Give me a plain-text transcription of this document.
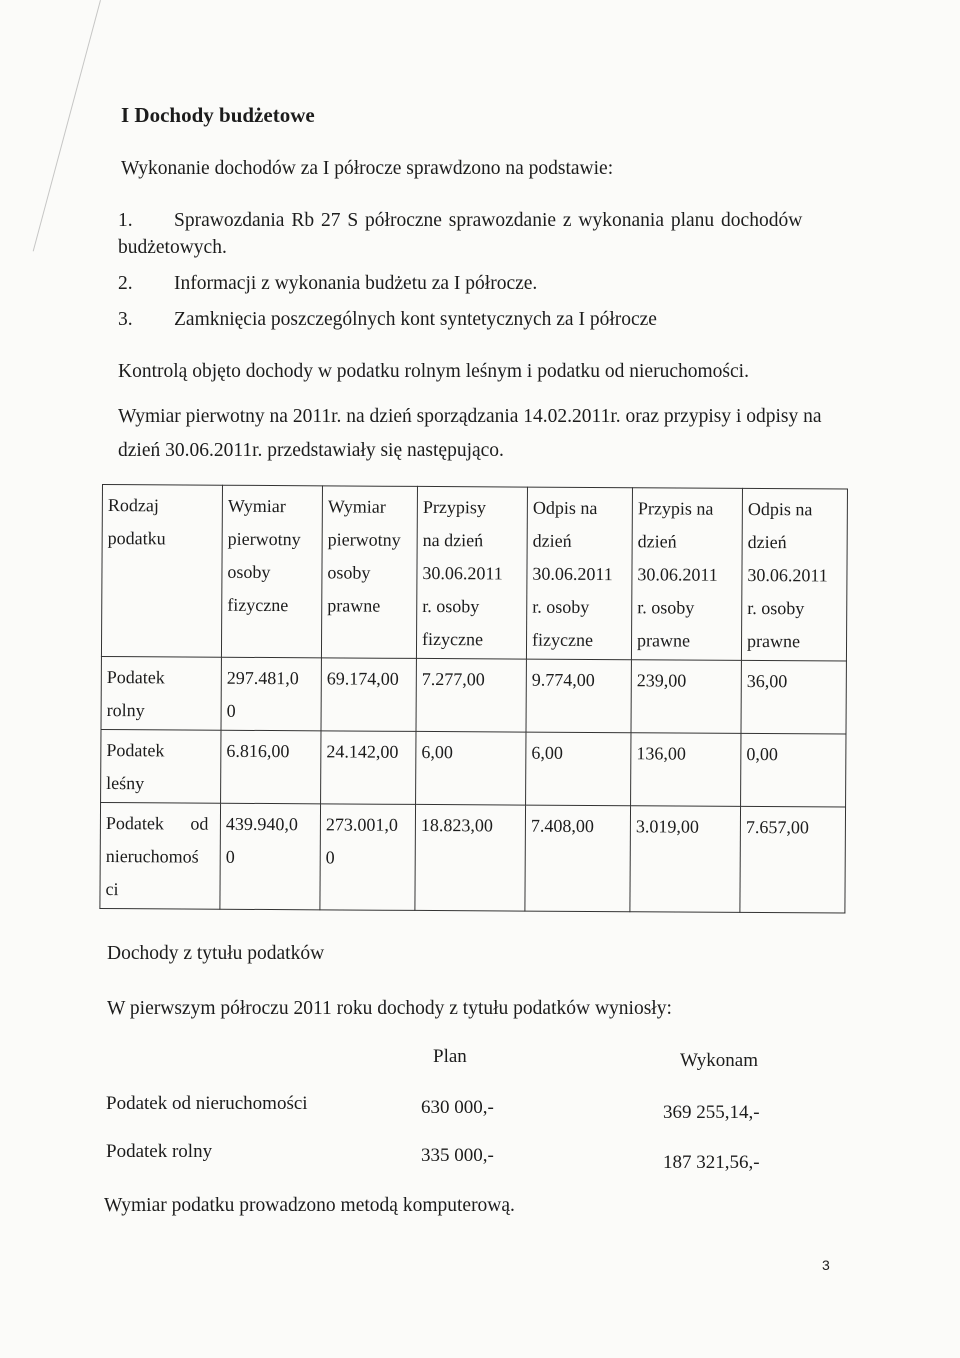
I Dochody budżetowe
Wykonanie dochodów za I półrocze sprawdzono na podstawie:
1. Sprawozdania Rb 27 S półroczne sprawozdanie z wykonania planu dochodów
budżetowych.
2. Informacji z wykonania budżetu za I półrocze.
3. Zamknięcia poszczególnych kont syntetycznych za I półrocze
Kontrolą objęto dochody w podatku rolnym leśnym i podatku od nieruchomości.
Wymiar pierwotny na 2011r. na dzień sporządzania 14.02.2011r. oraz przypisy i odpisy na
dzień 30.06.2011r. przedstawiały się następująco.
Rodzaj
podatku	Wymiar
pierwotny
osoby
fizyczne	Wymiar
pierwotny
osoby
prawne	Przypisy
na dzień
30.06.2011
r. osoby
fizyczne	Odpis na
dzień
30.06.2011
r. osoby
fizyczne	Przypis na
dzień
30.06.2011
r. osoby
prawne	Odpis na
dzień
30.06.2011
r. osoby
prawne

Podatek
rolny	297.481,0
0	69.174,00	7.277,00	9.774,00	239,00	36,00

Podatek
leśny	6.816,00	24.142,00	6,00	6,00	136,00	0,00

Podatek od
nieruchomoś
ci	439.940,0
0	273.001,0
0	18.823,00	7.408,00	3.019,00	7.657,00
Dochody z tytułu podatków
W pierwszym półroczu 2011 roku dochody z tytułu podatków wyniosły:
Plan	Wykonam
Podatek od nieruchomości	630 000,-	369 255,14,-
Podatek rolny	335 000,-	187 321,56,-
Wymiar podatku prowadzono metodą komputerową.
3
